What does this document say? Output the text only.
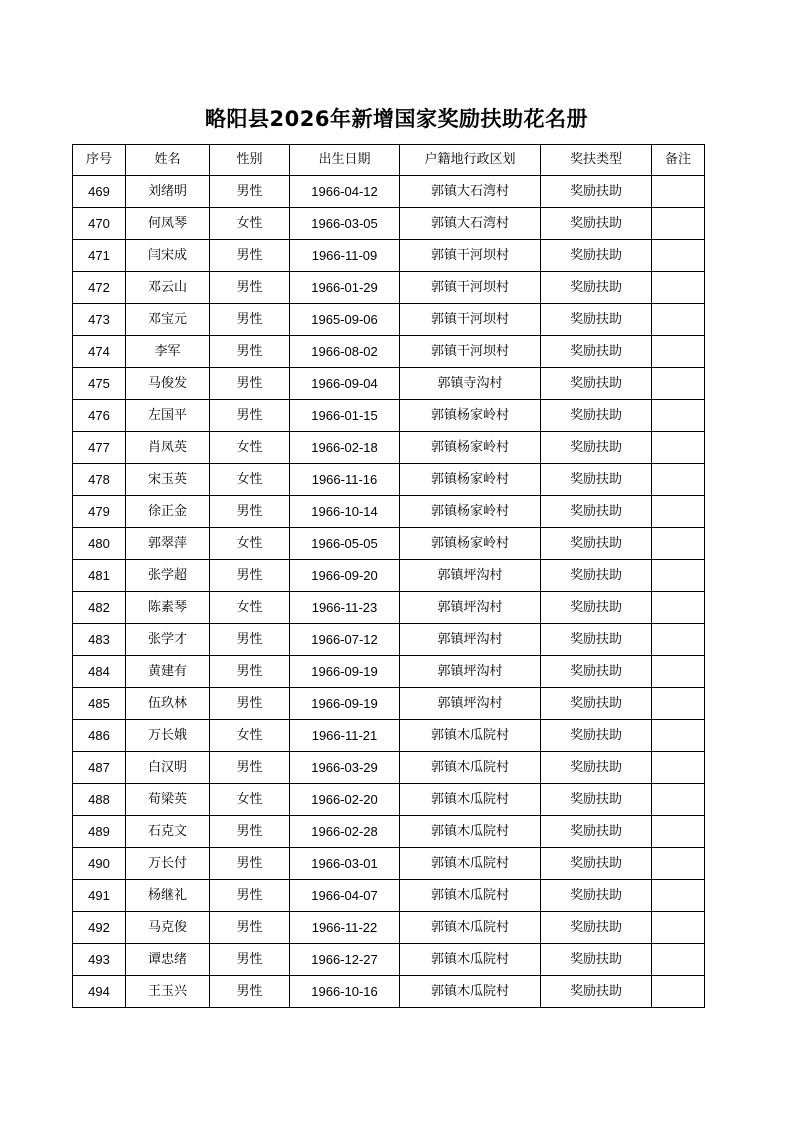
略阳县2026年新增国家奖励扶助花名册
序号	姓名	性别	出生日期	户籍地行政区划	奖扶类型	备注
469	刘绪明	男性	1966-04-12	郭镇大石湾村	奖励扶助	
470	何凤琴	女性	1966-03-05	郭镇大石湾村	奖励扶助	
471	闫宋成	男性	1966-11-09	郭镇干河坝村	奖励扶助	
472	邓云山	男性	1966-01-29	郭镇干河坝村	奖励扶助	
473	邓宝元	男性	1965-09-06	郭镇干河坝村	奖励扶助	
474	李军	男性	1966-08-02	郭镇干河坝村	奖励扶助	
475	马俊发	男性	1966-09-04	郭镇寺沟村	奖励扶助	
476	左国平	男性	1966-01-15	郭镇杨家岭村	奖励扶助	
477	肖凤英	女性	1966-02-18	郭镇杨家岭村	奖励扶助	
478	宋玉英	女性	1966-11-16	郭镇杨家岭村	奖励扶助	
479	徐正金	男性	1966-10-14	郭镇杨家岭村	奖励扶助	
480	郭翠萍	女性	1966-05-05	郭镇杨家岭村	奖励扶助	
481	张学超	男性	1966-09-20	郭镇坪沟村	奖励扶助	
482	陈素琴	女性	1966-11-23	郭镇坪沟村	奖励扶助	
483	张学才	男性	1966-07-12	郭镇坪沟村	奖励扶助	
484	黄建有	男性	1966-09-19	郭镇坪沟村	奖励扶助	
485	伍玖林	男性	1966-09-19	郭镇坪沟村	奖励扶助	
486	万长娥	女性	1966-11-21	郭镇木瓜院村	奖励扶助	
487	白汉明	男性	1966-03-29	郭镇木瓜院村	奖励扶助	
488	荀梁英	女性	1966-02-20	郭镇木瓜院村	奖励扶助	
489	石克文	男性	1966-02-28	郭镇木瓜院村	奖励扶助	
490	万长付	男性	1966-03-01	郭镇木瓜院村	奖励扶助	
491	杨继礼	男性	1966-04-07	郭镇木瓜院村	奖励扶助	
492	马克俊	男性	1966-11-22	郭镇木瓜院村	奖励扶助	
493	谭忠绪	男性	1966-12-27	郭镇木瓜院村	奖励扶助	
494	王玉兴	男性	1966-10-16	郭镇木瓜院村	奖励扶助	
